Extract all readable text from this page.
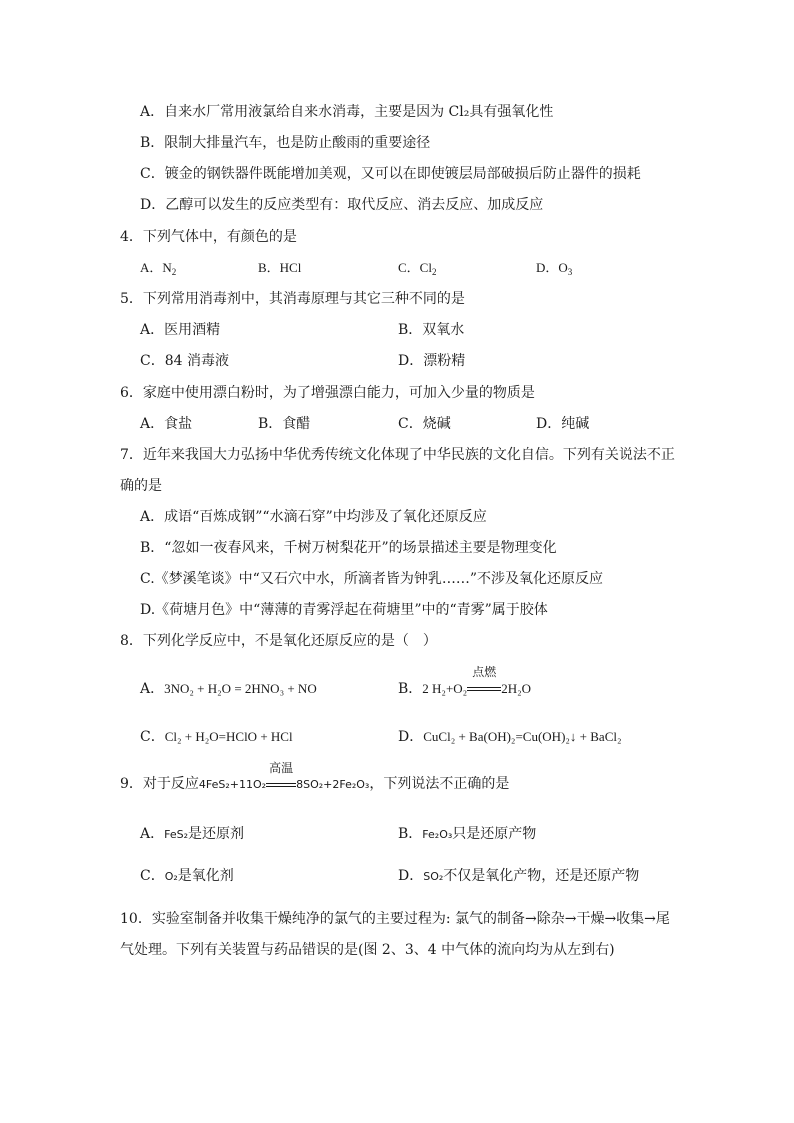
A．自来水厂常用液氯给自来水消毒，主要是因为 Cl₂具有强氧化性
B．限制大排量汽车，也是防止酸雨的重要途径
C．镀金的钢铁器件既能增加美观，又可以在即使镀层局部破损后防止器件的损耗
D．乙醇可以发生的反应类型有：取代反应、消去反应、加成反应
4．下列气体中，有颜色的是
A．$N_2$	B．HCl	C．$Cl_2$	D．$O_3$
5．下列常用消毒剂中，其消毒原理与其它三种不同的是
A．医用酒精	B．双氧水
C．84 消毒液	D．漂粉精
6．家庭中使用漂白粉时，为了增强漂白能力，可加入少量的物质是
A．食盐	B．食醋	C．烧碱	D．纯碱
7．近年来我国大力弘扬中华优秀传统文化体现了中华民族的文化自信。下列有关说法不正
确的是
A．成语“百炼成钢”“水滴石穿”中均涉及了氧化还原反应
B．“忽如一夜春风来，千树万树梨花开”的场景描述主要是物理变化
C.《梦溪笔谈》中“又石穴中水，所滴者皆为钟乳……”不涉及氧化还原反应
D.《荷塘月色》中“薄薄的青雾浮起在荷塘里”中的“青雾”属于胶体
8．下列化学反应中，不是氧化还原反应的是（　）
A．3NO₂ + H₂O = 2HNO₃ + NO	B．2 H₂+O₂
点燃
2H₂O
C．Cl₂ + H₂O=HClO + HCl	D．CuCl₂ + Ba(OH)₂=Cu(OH)₂↓ + BaCl₂
9．对于反应4FeS₂+11O₂
高温
8SO₂+2Fe₂O₃，下列说法不正确的是
A．FeS₂是还原剂	B．Fe₂O₃只是还原产物
C．O₂是氧化剂	D．SO₂不仅是氧化产物，还是还原产物
10．实验室制备并收集干燥纯净的氯气的主要过程为: 氯气的制备→除杂→干燥→收集→尾
气处理。下列有关装置与药品错误的是(图 2、3、4 中气体的流向均为从左到右)
